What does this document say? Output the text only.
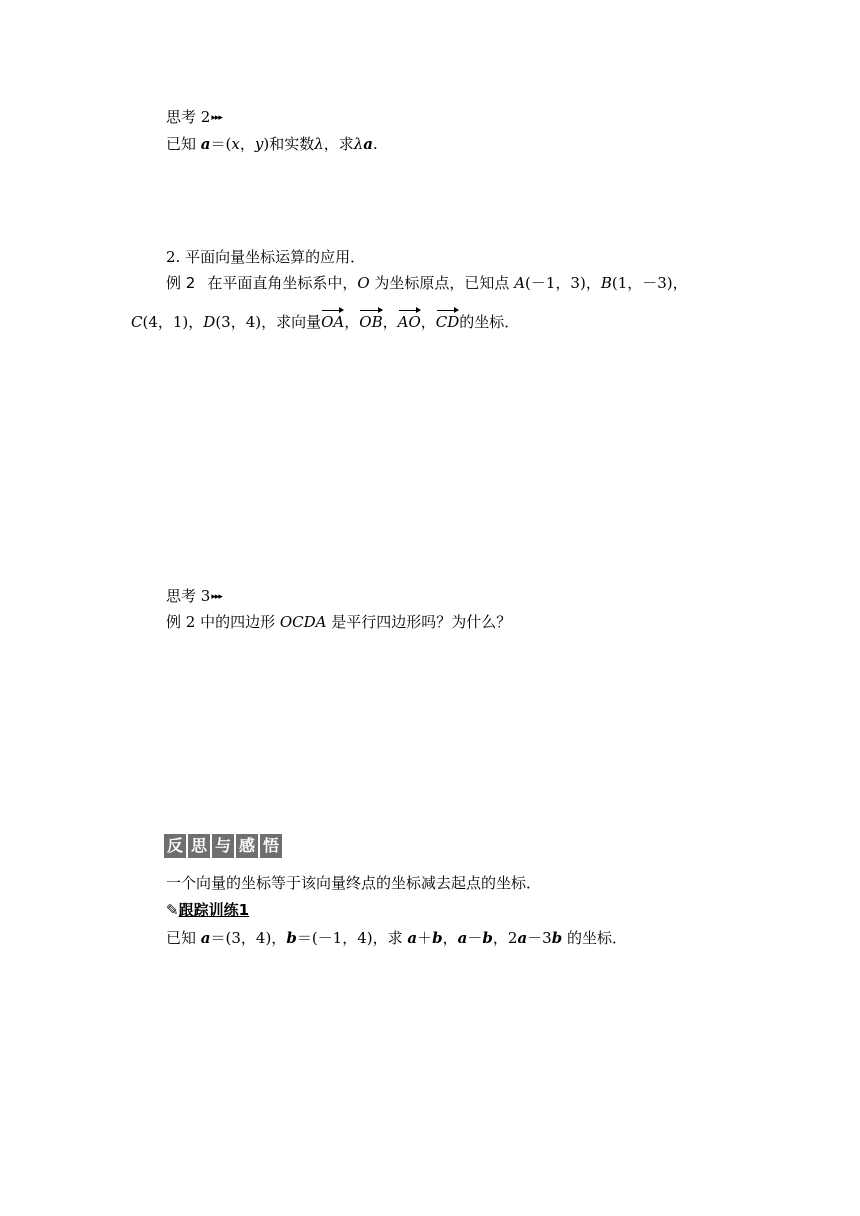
思考 2▸▸▸
已知 a＝(x，y)和实数λ，求λa.
2. 平面向量坐标运算的应用．
例 2 在平面直角坐标系中，O 为坐标原点，已知点 A(－1，3)，B(1，－3)，
C(4，1)，D(3，4)，求向量OA，OB，AO，CD的坐标．
思考 3▸▸▸
例 2 中的四边形 OCDA 是平行四边形吗？为什么？
反 思 与 感 悟
一个向量的坐标等于该向量终点的坐标减去起点的坐标．
✎跟踪训练1
已知 a＝(3，4)，b＝(－1，4)，求 a＋b，a－b，2a－3b 的坐标．
